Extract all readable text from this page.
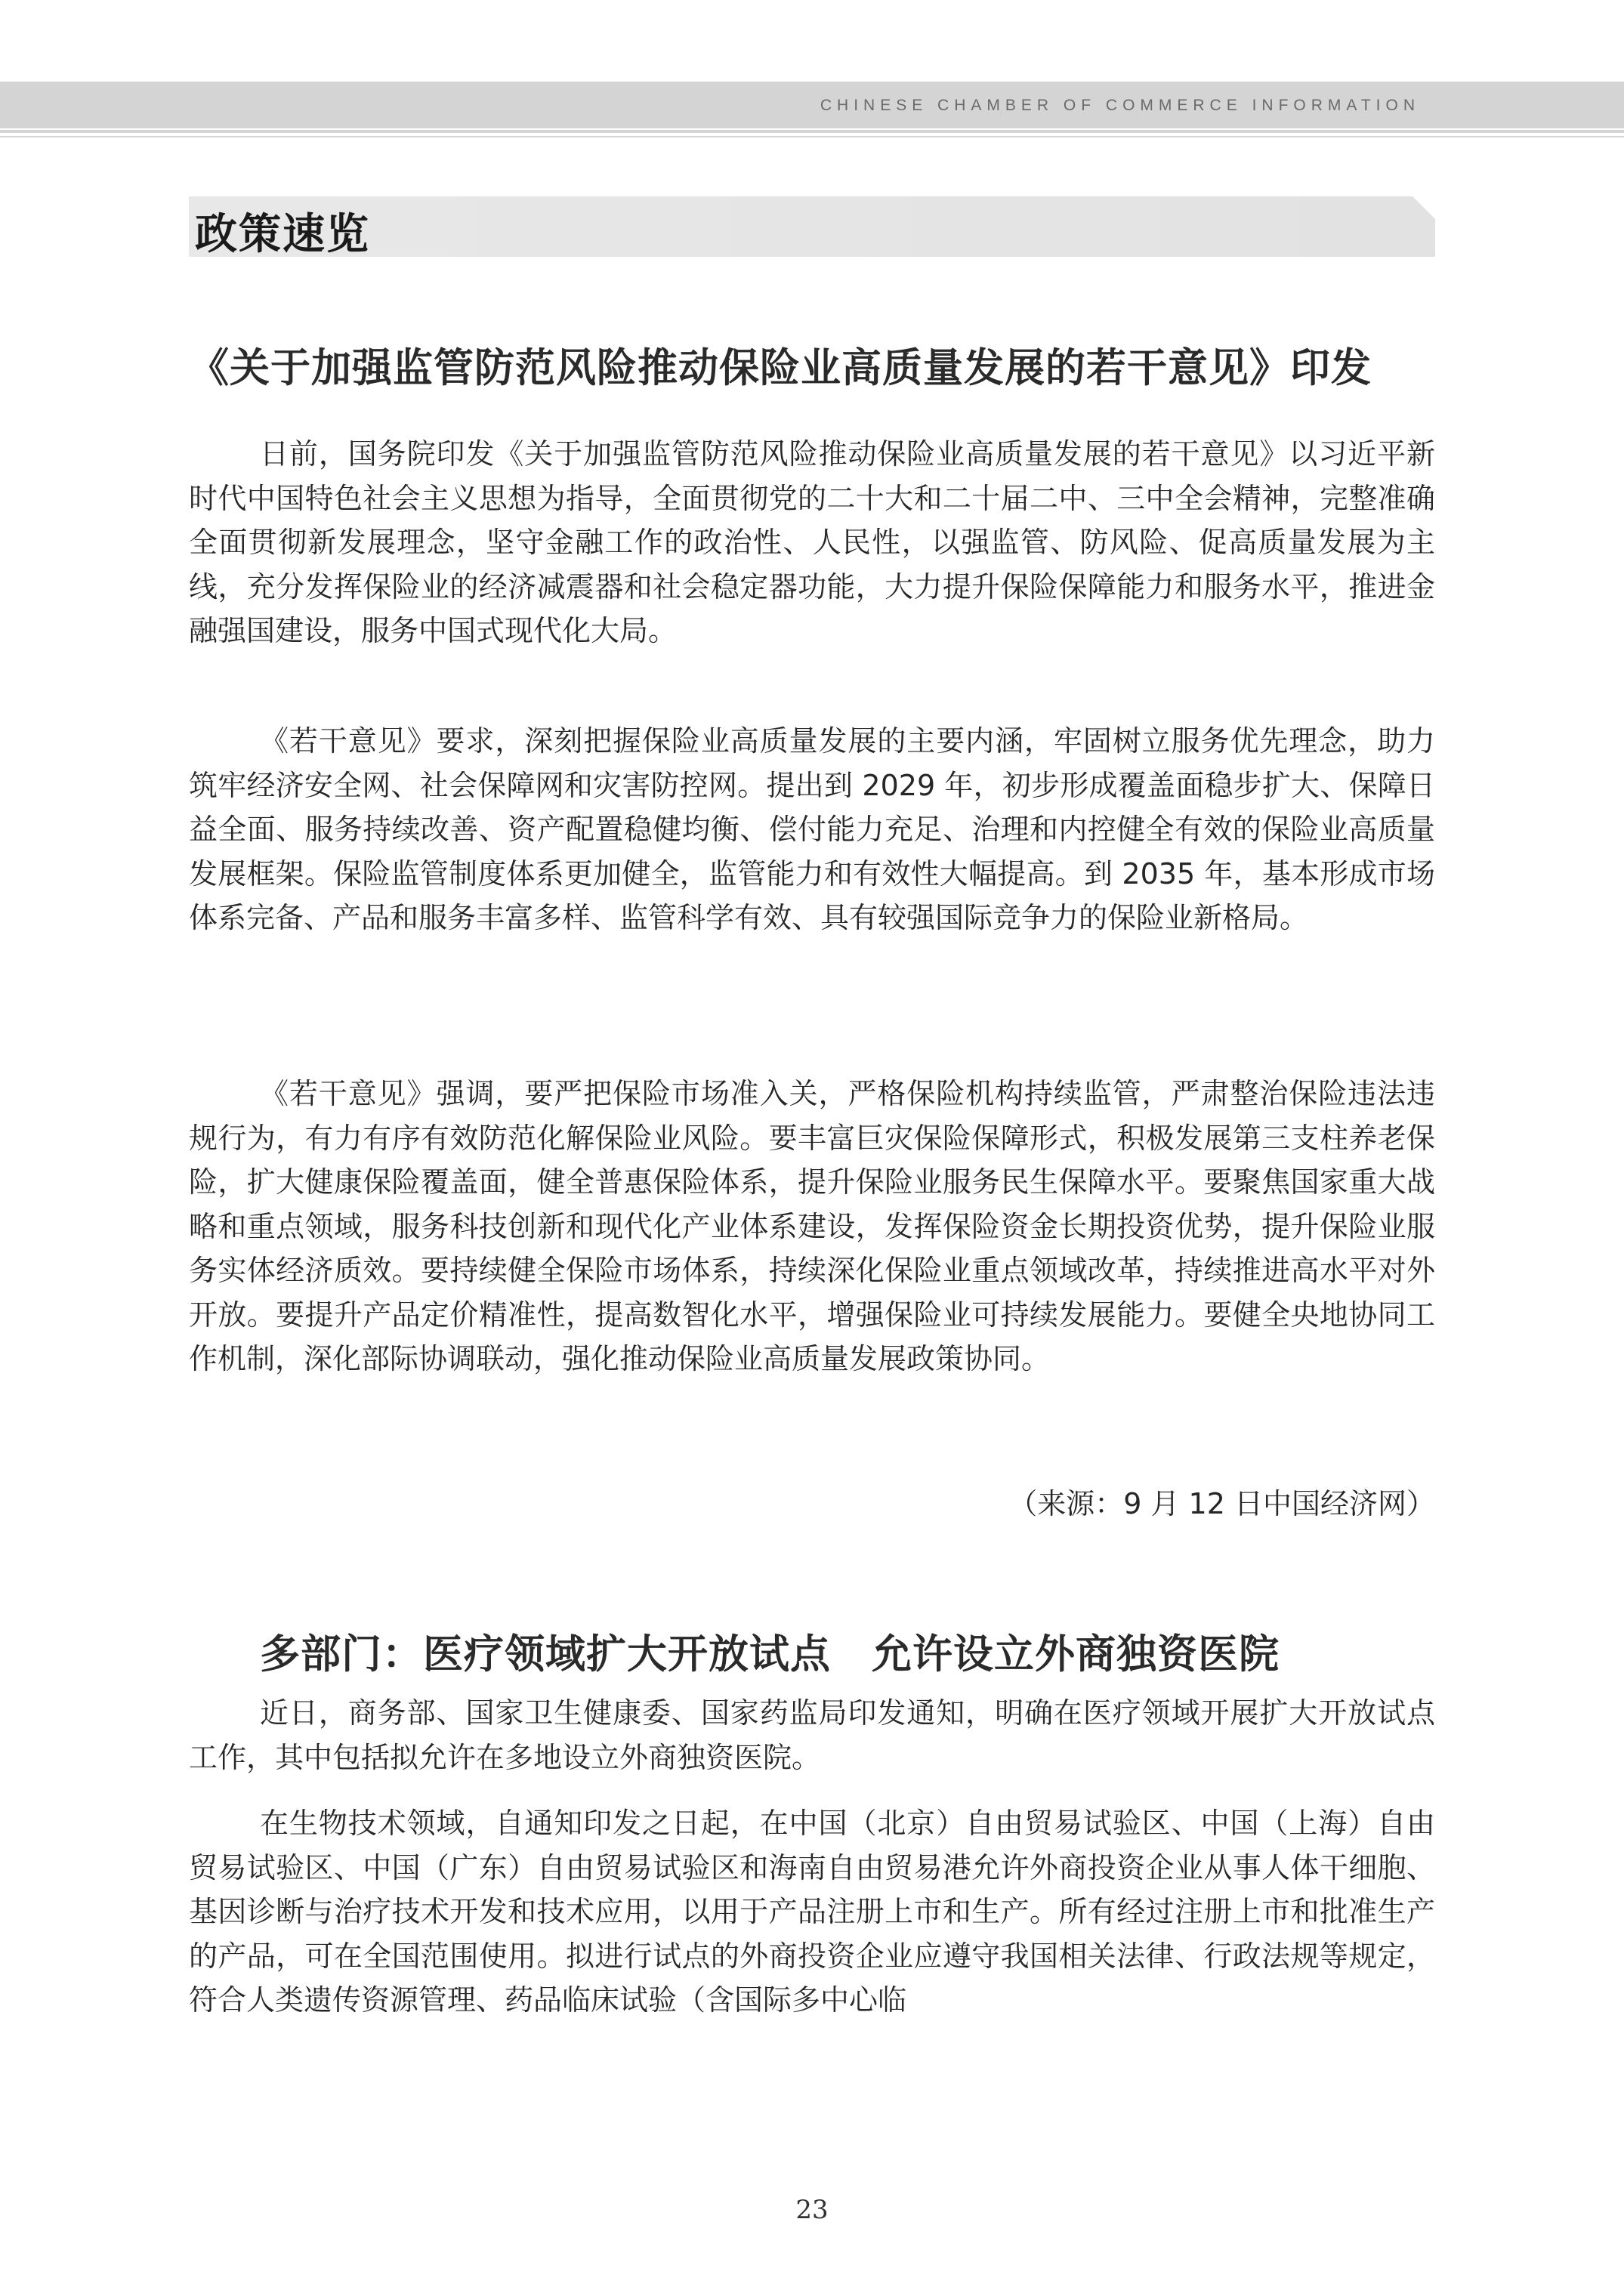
CHINESE CHAMBER OF COMMERCE INFORMATION
政策速览
《关于加强监管防范风险推动保险业高质量发展的若干意见》印发

日前，国务院印发《关于加强监管防范风险推动保险业高质量发展的若干意见》以习近平新时代中国特色社会主义思想为指导，全面贯彻党的二十大和二十届二中、三中全会精神，完整准确全面贯彻新发展理念，坚守金融工作的政治性、人民性，以强监管、防风险、促高质量发展为主线，充分发挥保险业的经济减震器和社会稳定器功能，大力提升保险保障能力和服务水平，推进金融强国建设，服务中国式现代化大局。

《若干意见》要求，深刻把握保险业高质量发展的主要内涵，牢固树立服务优先理念，助力筑牢经济安全网、社会保障网和灾害防控网。提出到 2029 年，初步形成覆盖面稳步扩大、保障日益全面、服务持续改善、资产配置稳健均衡、偿付能力充足、治理和内控健全有效的保险业高质量发展框架。保险监管制度体系更加健全，监管能力和有效性大幅提高。到 2035 年，基本形成市场体系完备、产品和服务丰富多样、监管科学有效、具有较强国际竞争力的保险业新格局。

《若干意见》强调，要严把保险市场准入关，严格保险机构持续监管，严肃整治保险违法违规行为，有力有序有效防范化解保险业风险。要丰富巨灾保险保障形式，积极发展第三支柱养老保险，扩大健康保险覆盖面，健全普惠保险体系，提升保险业服务民生保障水平。要聚焦国家重大战略和重点领域，服务科技创新和现代化产业体系建设，发挥保险资金长期投资优势，提升保险业服务实体经济质效。要持续健全保险市场体系，持续深化保险业重点领域改革，持续推进高水平对外开放。要提升产品定价精准性，提高数智化水平，增强保险业可持续发展能力。要健全央地协同工作机制，深化部际协调联动，强化推动保险业高质量发展政策协同。

（来源：9 月 12 日中国经济网）
多部门：医疗领域扩大开放试点　允许设立外商独资医院

近日，商务部、国家卫生健康委、国家药监局印发通知，明确在医疗领域开展扩大开放试点工作，其中包括拟允许在多地设立外商独资医院。

在生物技术领域，自通知印发之日起，在中国（北京）自由贸易试验区、中国（上海）自由贸易试验区、中国（广东）自由贸易试验区和海南自由贸易港允许外商投资企业从事人体干细胞、基因诊断与治疗技术开发和技术应用，以用于产品注册上市和生产。所有经过注册上市和批准生产的产品，可在全国范围使用。拟进行试点的外商投资企业应遵守我国相关法律、行政法规等规定，符合人类遗传资源管理、药品临床试验（含国际多中心临

23
